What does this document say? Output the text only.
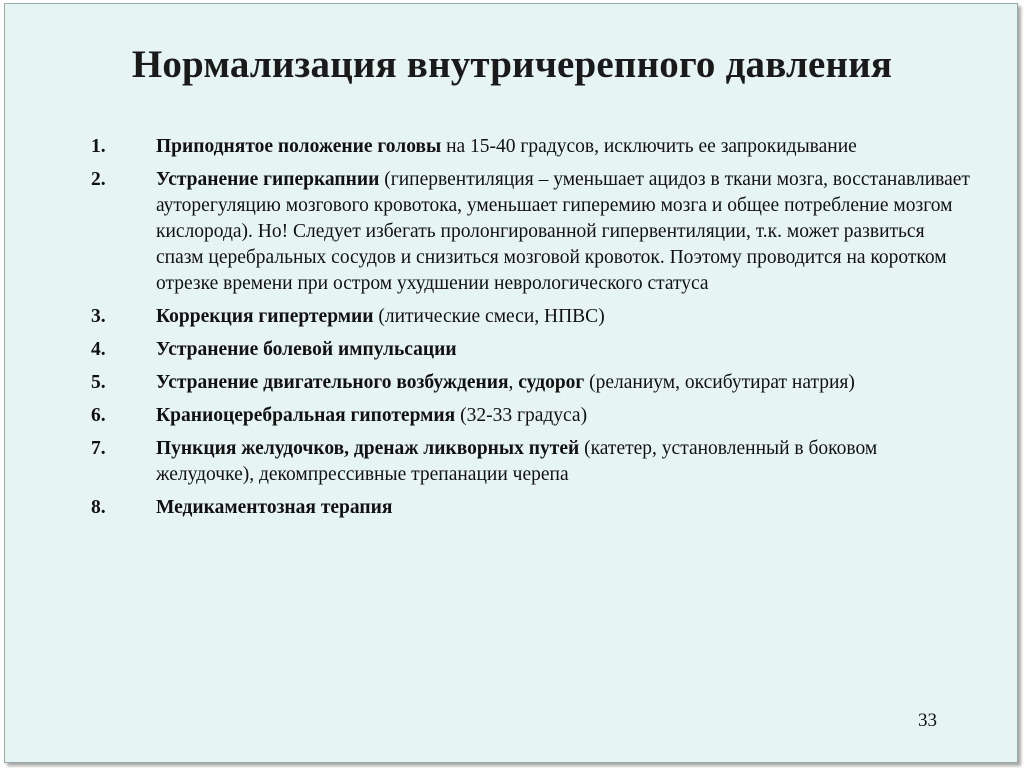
Нормализация внутричерепного давления
1.	Приподнятое положение головы на 15-40 градусов, исключить ее запрокидывание
2.	Устранение гиперкапнии (гипервентиляция – уменьшает ацидоз в ткани мозга, восстанавливает ауторегуляцию мозгового кровотока, уменьшает гиперемию мозга и общее потребление мозгом кислорода). Но! Следует избегать пролонгированной гипервентиляции, т.к. может развиться спазм церебральных сосудов и снизиться мозговой кровоток. Поэтому проводится на коротком отрезке времени при остром ухудшении неврологического статуса
3.	Коррекция гипертермии (литические смеси, НПВС)
4.	Устранение болевой импульсации
5.	Устранение двигательного возбуждения, судорог (реланиум, оксибутират натрия)
6.	Краниоцеребральная гипотермия (32-33 градуса)
7.	Пункция желудочков, дренаж ликворных путей (катетер, установленный в боковом желудочке), декомпрессивные трепанации черепа
8.	Медикаментозная терапия
33
